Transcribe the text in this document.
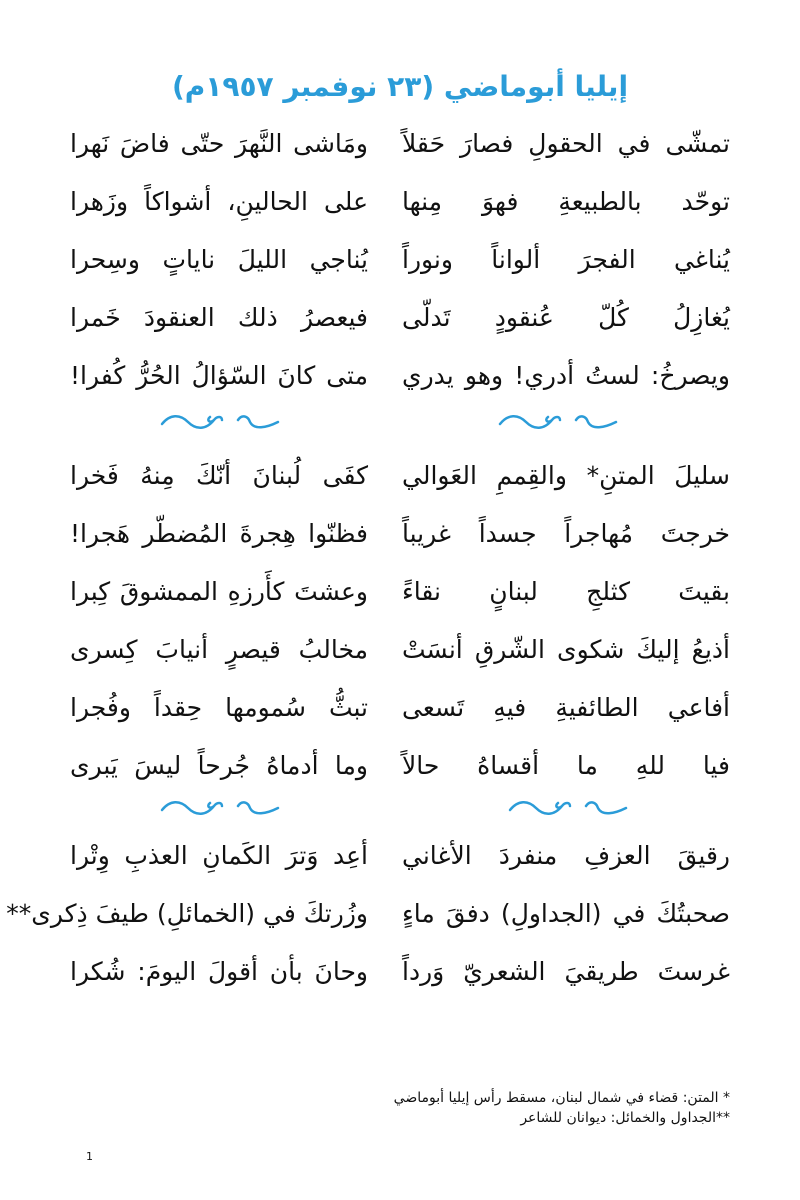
إيليا أبوماضي (٢٣ نوفمبر ١٩٥٧م)
تمشّى في الحقولِ فصارَ حَقلاً
ومَاشى النَّهرَ حتّى فاضَ نَهرا
توحّد بالطبيعةِ فهوَ مِنها
على الحالينِ، أشواكاً وزَهرا
يُناغي الفجرَ ألواناً ونوراً
يُناجي الليلَ ناياتٍ وسِحرا
يُغازِلُ كُلّ عُنقودٍ تَدلّى
فيعصرُ ذلك العنقودَ خَمرا
ويصرخُ: لستُ أدري! وهو يدري
متى كانَ السّؤالُ الحُرُّ كُفرا!
سليلَ المتنِ* والقِممِ العَوالي
كفَى لُبنانَ أنّكَ مِنهُ فَخرا
خرجتَ مُهاجراً جسداً غريباً
فظنّوا هِجرةَ المُضطّر هَجرا!
بقيتَ كثلجِ لبنانٍ نقاءً
وعشتَ كأَرزهِ الممشوقَ كِبرا
أذيعُ إليكَ شكوى الشّرقِ أنسَتْ
مخالبُ قيصرٍ أنيابَ كِسرى
أفاعي الطائفيةِ فيهِ تَسعى
تبثُّ سُمومها حِقداً وفُجرا
فيا للهِ ما أقساهُ حالاً
وما أدماهُ جُرحاً ليسَ يَبرى
رقيقَ العزفِ منفردَ الأغاني
أعِد وَترَ الكَمانِ العذبِ وِتْرا
صحبتُكَ في (الجداولِ) دفقَ ماءٍ
وزُرتكَ في (الخمائلِ) طيفَ ذِكرى**
غرستَ طريقيَ الشعريّ وَرداً
وحانَ بأن أقولَ اليومَ: شُكرا
* المتن: قضاء في شمال لبنان، مسقط رأس إيليا أبوماضي
**الجداول والخمائل: ديوانان للشاعر
1
